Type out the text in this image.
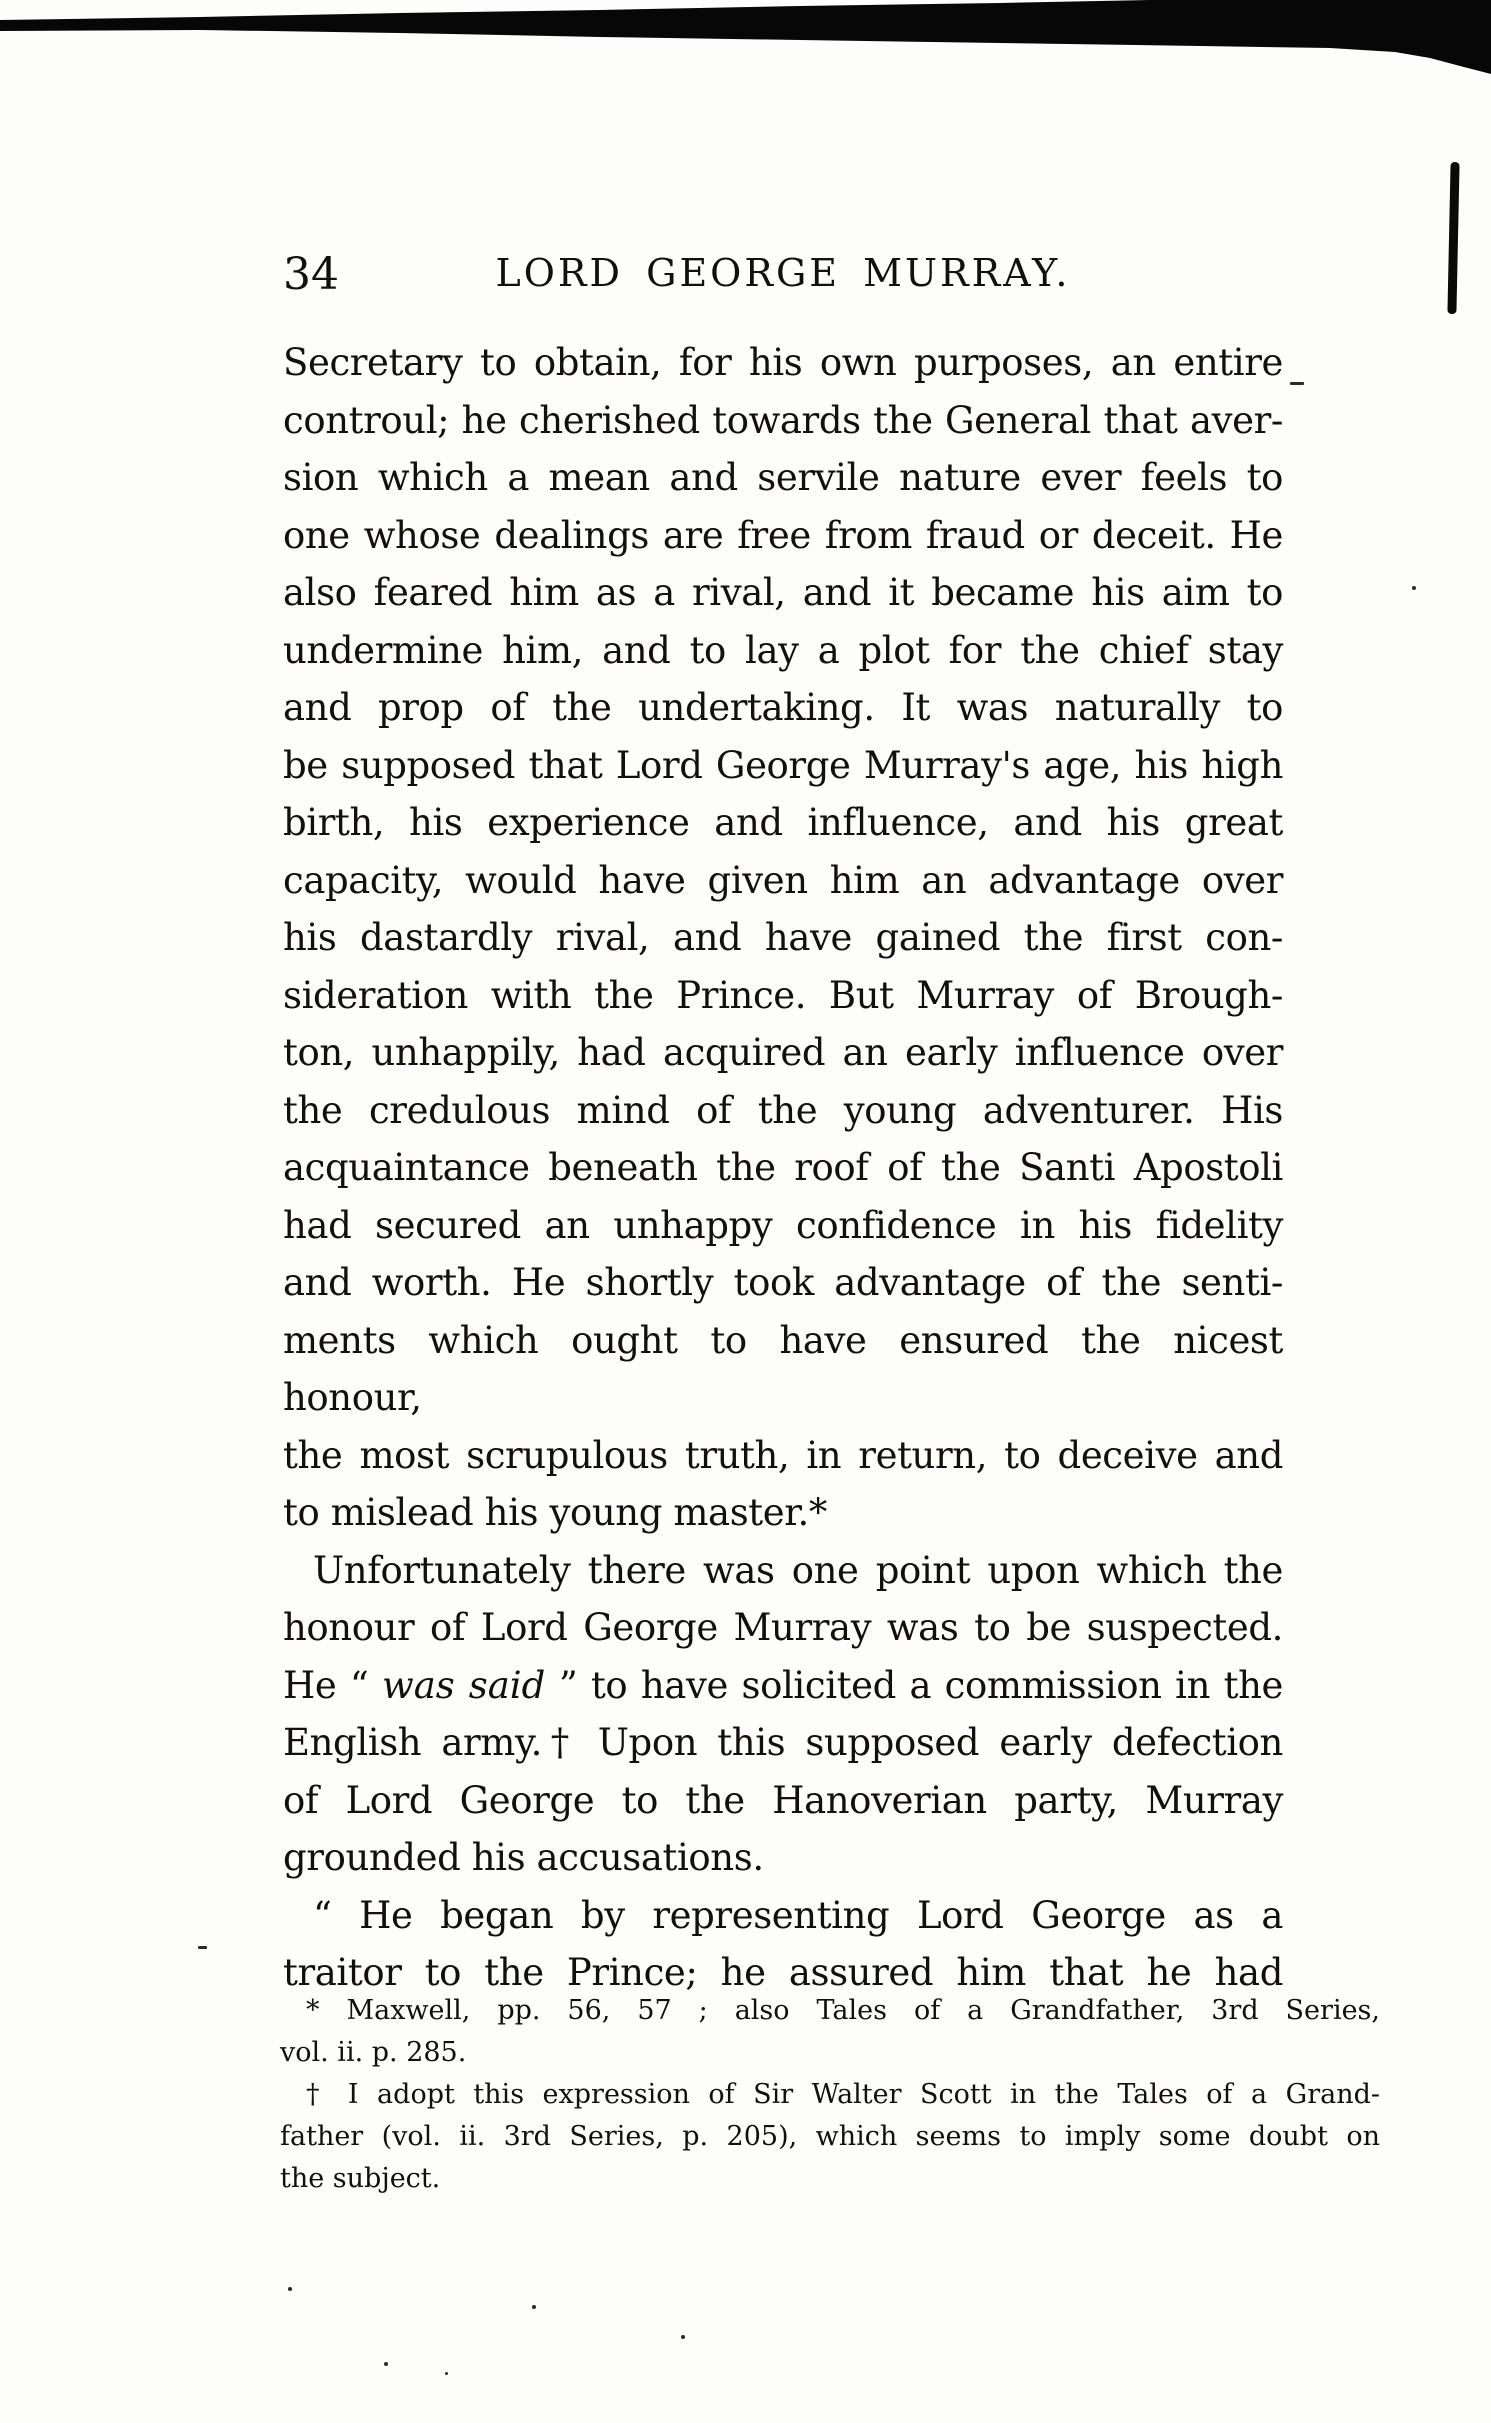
34	LORD GEORGE MURRAY.
Secretary to obtain, for his own purposes, an entire
controul; he cherished towards the General that aver-
sion which a mean and servile nature ever feels to
one whose dealings are free from fraud or deceit. He
also feared him as a rival, and it became his aim to
undermine him, and to lay a plot for the chief stay
and prop of the undertaking. It was naturally to
be supposed that Lord George Murray's age, his high
birth, his experience and influence, and his great
capacity, would have given him an advantage over
his dastardly rival, and have gained the first con-
sideration with the Prince. But Murray of Brough-
ton, unhappily, had acquired an early influence over
the credulous mind of the young adventurer. His
acquaintance beneath the roof of the Santi Apostoli
had secured an unhappy confidence in his fidelity
and worth. He shortly took advantage of the senti-
ments which ought to have ensured the nicest honour,
the most scrupulous truth, in return, to deceive and
to mislead his young master.*
Unfortunately there was one point upon which the
honour of Lord George Murray was to be suspected.
He “ was said ” to have solicited a commission in the
English army.† Upon this supposed early defection
of Lord George to the Hanoverian party, Murray
grounded his accusations.
“ He began by representing Lord George as a
traitor to the Prince; he assured him that he had
* Maxwell, pp. 56, 57 ; also Tales of a Grandfather, 3rd Series,
vol. ii. p. 285.
† I adopt this expression of Sir Walter Scott in the Tales of a Grand-
father (vol. ii. 3rd Series, p. 205), which seems to imply some doubt on
the subject.
